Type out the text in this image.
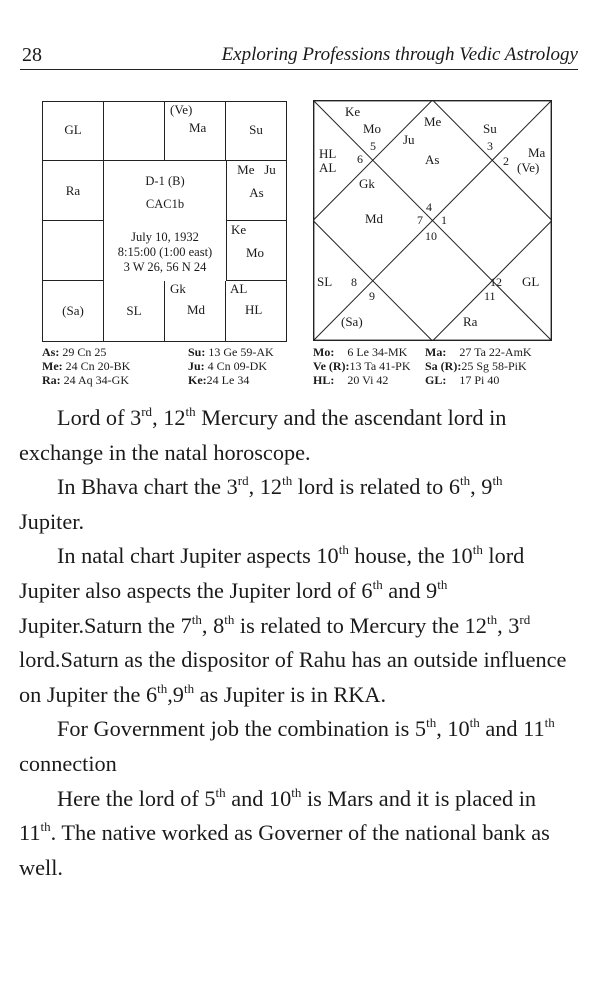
28	Exploring Professions through Vedic Astrology
GL
(Ve)
Ma	Su
Ra
Me   Ju
As
Ke
Mo
(Sa)	SL
Gk
Md
AL
HL
D-1 (B)
CAC1b
July 10, 1932
8:15:00 (1:00 east)
3 W 26, 56 N 24
Ke
Mo
Ju
Me	Su
HL
AL
As	Ma
(Ve)
Gk
Md
SL	GL
(Sa)	Ra
5
6
3
2
4
7 1
10
8
9
12
11
As: 29 Cn 25	Su: 13 Ge 59-AK	Mo: 6 Le 34-MK Ma: 27 Ta 22-AmK
Me: 24 Cn 20-BK	Ju: 4 Cn 09-DK	Ve (R):13 Ta 41-PK Sa (R):25 Sg 58-PiK
Ra: 24 Aq 34-GK	Ke:24 Le 34	HL: 20 Vi 42	GL: 17 Pi 40

Lord of 3rd, 12th Mercury and the ascendant lord in exchange in the natal horoscope.

In Bhava chart the 3rd, 12th lord is related to 6th, 9th Jupiter.

In natal chart Jupiter aspects 10th house, the 10th lord Jupiter also aspects the Jupiter lord of 6th and 9th Jupiter.Saturn the 7th, 8th is related to Mercury the 12th, 3rd lord.Saturn as the dispositor of Rahu has an outside influence on Jupiter the 6th,9th as Jupiter is in RKA.

For Government job the combination is 5th, 10th and 11th connection

Here the lord of 5th and 10th is Mars and it is placed in 11th. The native worked as Governer of the national bank as well.
